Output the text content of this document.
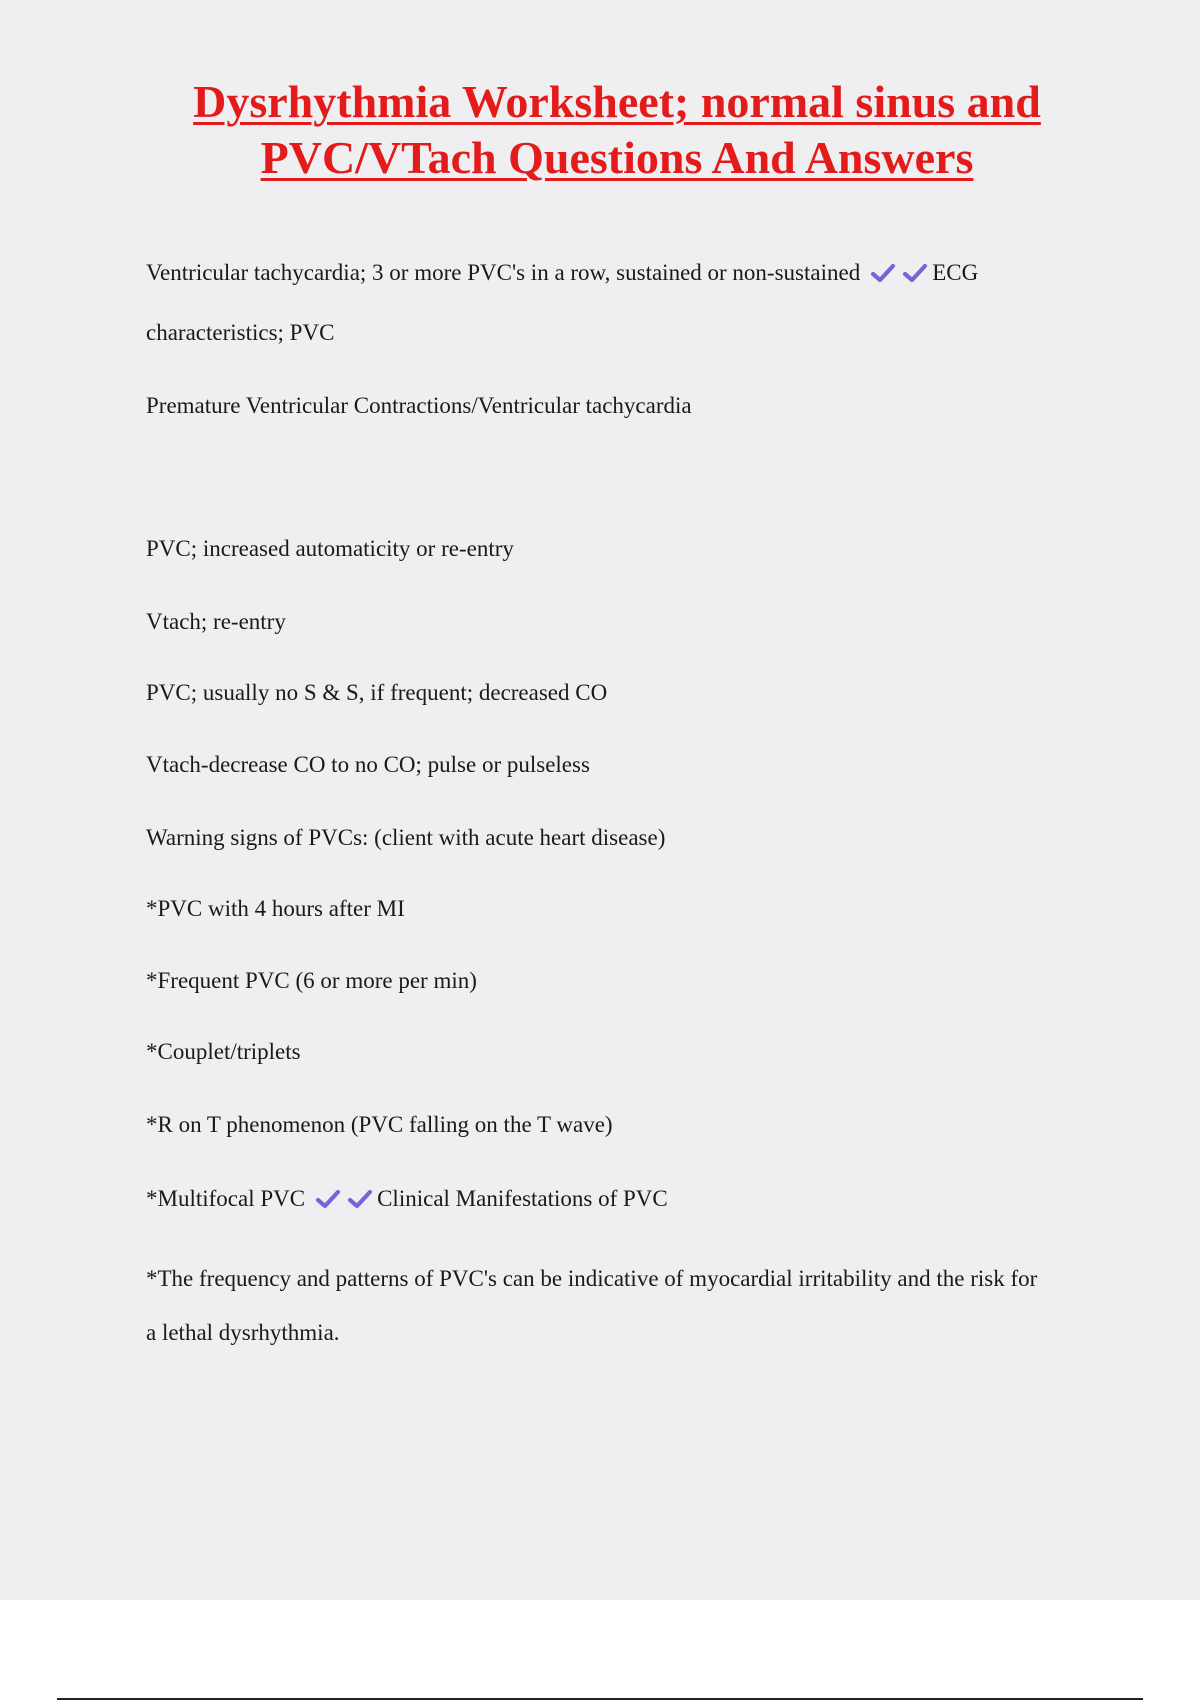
Dysrhythmia Worksheet; normal sinus and
PVC/VTach Questions And Answers

Ventricular tachycardia; 3 or more PVC's in a row, sustained or non-sustained	ECG

characteristics; PVC

Premature Ventricular Contractions/Ventricular tachycardia

PVC; increased automaticity or re-entry

Vtach; re-entry

PVC; usually no S & S, if frequent; decreased CO

Vtach-decrease CO to no CO; pulse or pulseless

Warning signs of PVCs: (client with acute heart disease)

*PVC with 4 hours after MI

*Frequent PVC (6 or more per min)

*Couplet/triplets

*R on T phenomenon (PVC falling on the T wave)

*Multifocal PVC	Clinical Manifestations of PVC

*The frequency and patterns of PVC's can be indicative of myocardial irritability and the risk for

a lethal dysrhythmia.
